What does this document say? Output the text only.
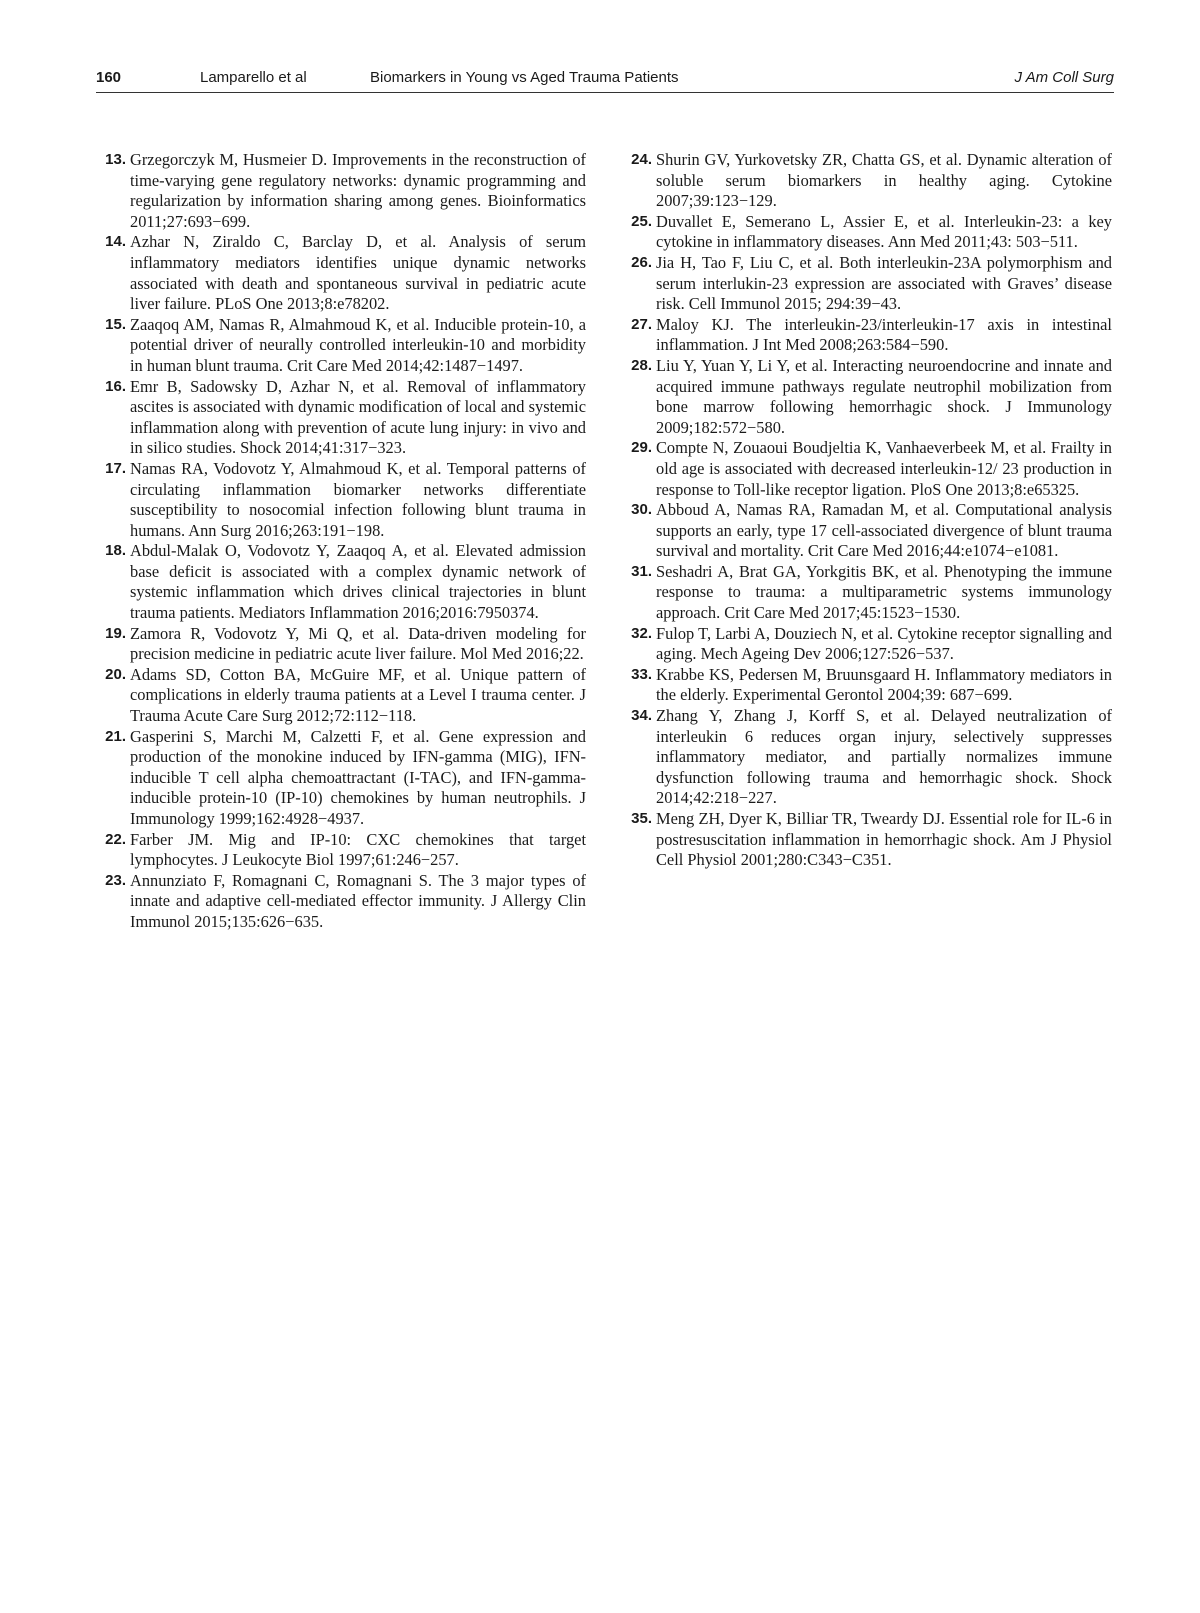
160	Lamparello et al	Biomarkers in Young vs Aged Trauma Patients	J Am Coll Surg

13. Grzegorczyk M, Husmeier D. Improvements in the reconstruction of time-varying gene regulatory networks: dynamic programming and regularization by information sharing among genes. Bioinformatics 2011;27:693−699.

14. Azhar N, Ziraldo C, Barclay D, et al. Analysis of serum inflammatory mediators identifies unique dynamic networks associated with death and spontaneous survival in pediatric acute liver failure. PLoS One 2013;8:e78202.

15. Zaaqoq AM, Namas R, Almahmoud K, et al. Inducible protein-10, a potential driver of neurally controlled interleukin-10 and morbidity in human blunt trauma. Crit Care Med 2014;42:1487−1497.

16. Emr B, Sadowsky D, Azhar N, et al. Removal of inflammatory ascites is associated with dynamic modification of local and systemic inflammation along with prevention of acute lung injury: in vivo and in silico studies. Shock 2014;41:317−323.

17. Namas RA, Vodovotz Y, Almahmoud K, et al. Temporal patterns of circulating inflammation biomarker networks differentiate susceptibility to nosocomial infection following blunt trauma in humans. Ann Surg 2016;263:191−198.

18. Abdul-Malak O, Vodovotz Y, Zaaqoq A, et al. Elevated admission base deficit is associated with a complex dynamic network of systemic inflammation which drives clinical trajectories in blunt trauma patients. Mediators Inflammation 2016;2016:7950374.

19. Zamora R, Vodovotz Y, Mi Q, et al. Data-driven modeling for precision medicine in pediatric acute liver failure. Mol Med 2016;22.

20. Adams SD, Cotton BA, McGuire MF, et al. Unique pattern of complications in elderly trauma patients at a Level I trauma center. J Trauma Acute Care Surg 2012;72:112−118.

21. Gasperini S, Marchi M, Calzetti F, et al. Gene expression and production of the monokine induced by IFN-gamma (MIG), IFN-inducible T cell alpha chemoattractant (I-TAC), and IFN-gamma-inducible protein-10 (IP-10) chemokines by human neutrophils. J Immunology 1999;162:4928−4937.

22. Farber JM. Mig and IP-10: CXC chemokines that target lymphocytes. J Leukocyte Biol 1997;61:246−257.

23. Annunziato F, Romagnani C, Romagnani S. The 3 major types of innate and adaptive cell-mediated effector immunity. J Allergy Clin Immunol 2015;135:626−635.

24. Shurin GV, Yurkovetsky ZR, Chatta GS, et al. Dynamic alteration of soluble serum biomarkers in healthy aging. Cytokine 2007;39:123−129.

25. Duvallet E, Semerano L, Assier E, et al. Interleukin-23: a key cytokine in inflammatory diseases. Ann Med 2011;43: 503−511.

26. Jia H, Tao F, Liu C, et al. Both interleukin-23A polymorphism and serum interlukin-23 expression are associated with Graves’ disease risk. Cell Immunol 2015; 294:39−43.

27. Maloy KJ. The interleukin-23/interleukin-17 axis in intestinal inflammation. J Int Med 2008;263:584−590.

28. Liu Y, Yuan Y, Li Y, et al. Interacting neuroendocrine and innate and acquired immune pathways regulate neutrophil mobilization from bone marrow following hemorrhagic shock. J Immunology 2009;182:572−580.

29. Compte N, Zouaoui Boudjeltia K, Vanhaeverbeek M, et al. Frailty in old age is associated with decreased interleukin-12/ 23 production in response to Toll-like receptor ligation. PloS One 2013;8:e65325.

30. Abboud A, Namas RA, Ramadan M, et al. Computational analysis supports an early, type 17 cell-associated divergence of blunt trauma survival and mortality. Crit Care Med 2016;44:e1074−e1081.

31. Seshadri A, Brat GA, Yorkgitis BK, et al. Phenotyping the immune response to trauma: a multiparametric systems immunology approach. Crit Care Med 2017;45:1523−1530.

32. Fulop T, Larbi A, Douziech N, et al. Cytokine receptor signalling and aging. Mech Ageing Dev 2006;127:526−537.

33. Krabbe KS, Pedersen M, Bruunsgaard H. Inflammatory mediators in the elderly. Experimental Gerontol 2004;39: 687−699.

34. Zhang Y, Zhang J, Korff S, et al. Delayed neutralization of interleukin 6 reduces organ injury, selectively suppresses inflammatory mediator, and partially normalizes immune dysfunction following trauma and hemorrhagic shock. Shock 2014;42:218−227.

35. Meng ZH, Dyer K, Billiar TR, Tweardy DJ. Essential role for IL-6 in postresuscitation inflammation in hemorrhagic shock. Am J Physiol Cell Physiol 2001;280:C343−C351.
